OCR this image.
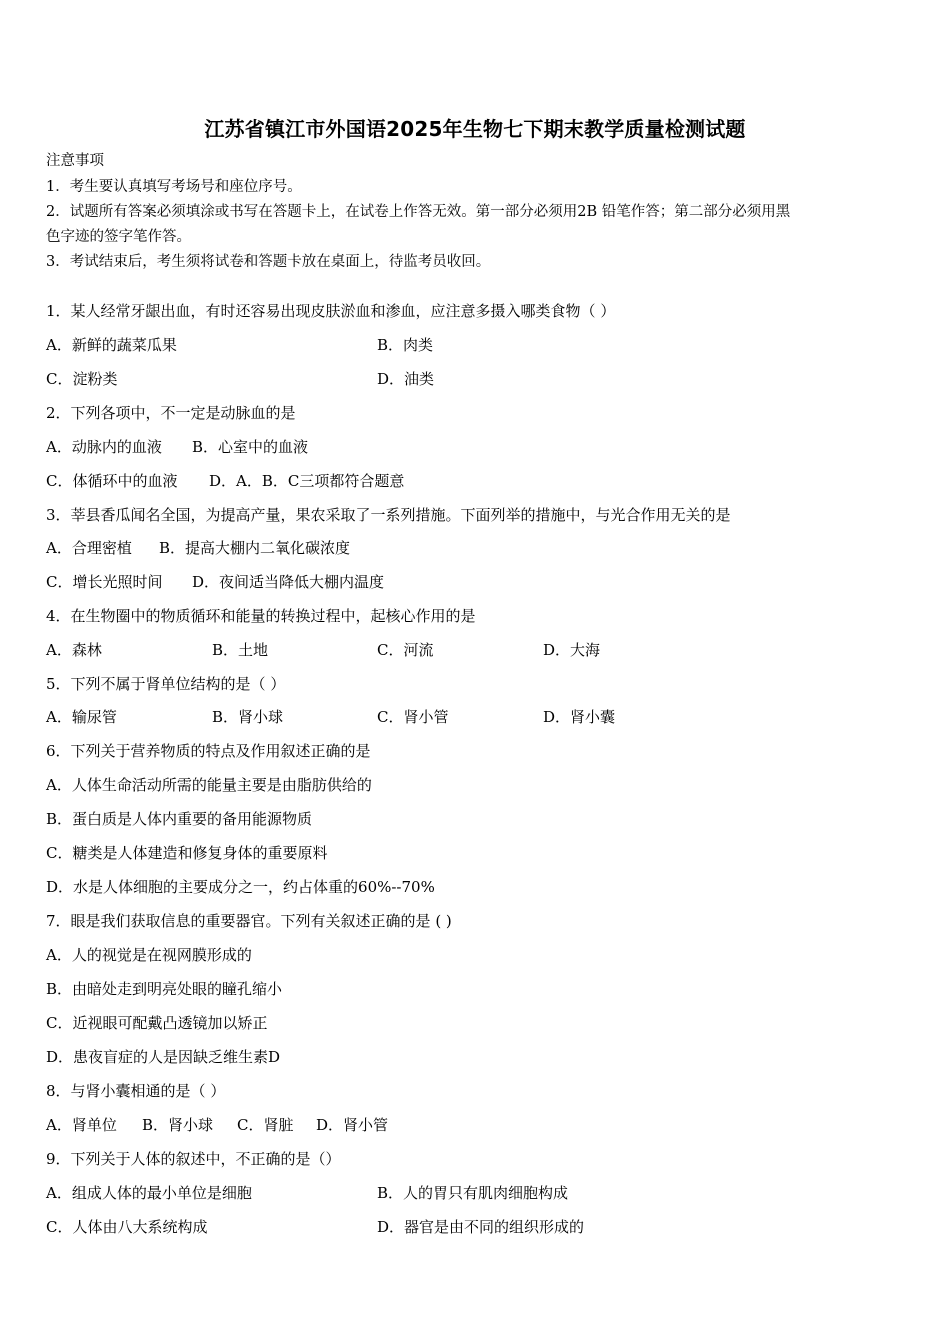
江苏省镇江市外国语2025年生物七下期末教学质量检测试题
注意事项
1．考生要认真填写考场号和座位序号。
2．试题所有答案必须填涂或书写在答题卡上，在试卷上作答无效。第一部分必须用2B 铅笔作答；第二部分必须用黑
色字迹的签字笔作答。
3．考试结束后，考生须将试卷和答题卡放在桌面上，待监考员收回。
1．某人经常牙龈出血，有时还容易出现皮肤淤血和渗血，应注意多摄入哪类食物（ ）
A．新鲜的蔬菜瓜果	B．肉类
C．淀粉类	D．油类
2．下列各项中，不一定是动脉血的是
A．动脉内的血液 B．心室中的血液
C．体循环中的血液 D．A．B．C三项都符合题意
3．莘县香瓜闻名全国，为提高产量，果农采取了一系列措施。下面列举的措施中，与光合作用无关的是
A．合理密植 B．提高大棚内二氧化碳浓度
C．增长光照时间 D．夜间适当降低大棚内温度
4．在生物圈中的物质循环和能量的转换过程中，起核心作用的是
A．森林	B．土地	C．河流	D．大海
5．下列不属于肾单位结构的是（ ）
A．输尿管	B．肾小球	C．肾小管	D．肾小囊
6．下列关于营养物质的特点及作用叙述正确的是
A．人体生命活动所需的能量主要是由脂肪供给的
B．蛋白质是人体内重要的备用能源物质
C．糖类是人体建造和修复身体的重要原料
D．水是人体细胞的主要成分之一，约占体重的60%--70%
7．眼是我们获取信息的重要器官。下列有关叙述正确的是 ( )
A．人的视觉是在视网膜形成的
B．由暗处走到明亮处眼的瞳孔缩小
C．近视眼可配戴凸透镜加以矫正
D．患夜盲症的人是因缺乏维生素D
8．与肾小囊相通的是（ ）
A．肾单位 B．肾小球 C．肾脏 D．肾小管
9．下列关于人体的叙述中，不正确的是（）
A．组成人体的最小单位是细胞	B．人的胃只有肌肉细胞构成
C．人体由八大系统构成	D．器官是由不同的组织形成的
